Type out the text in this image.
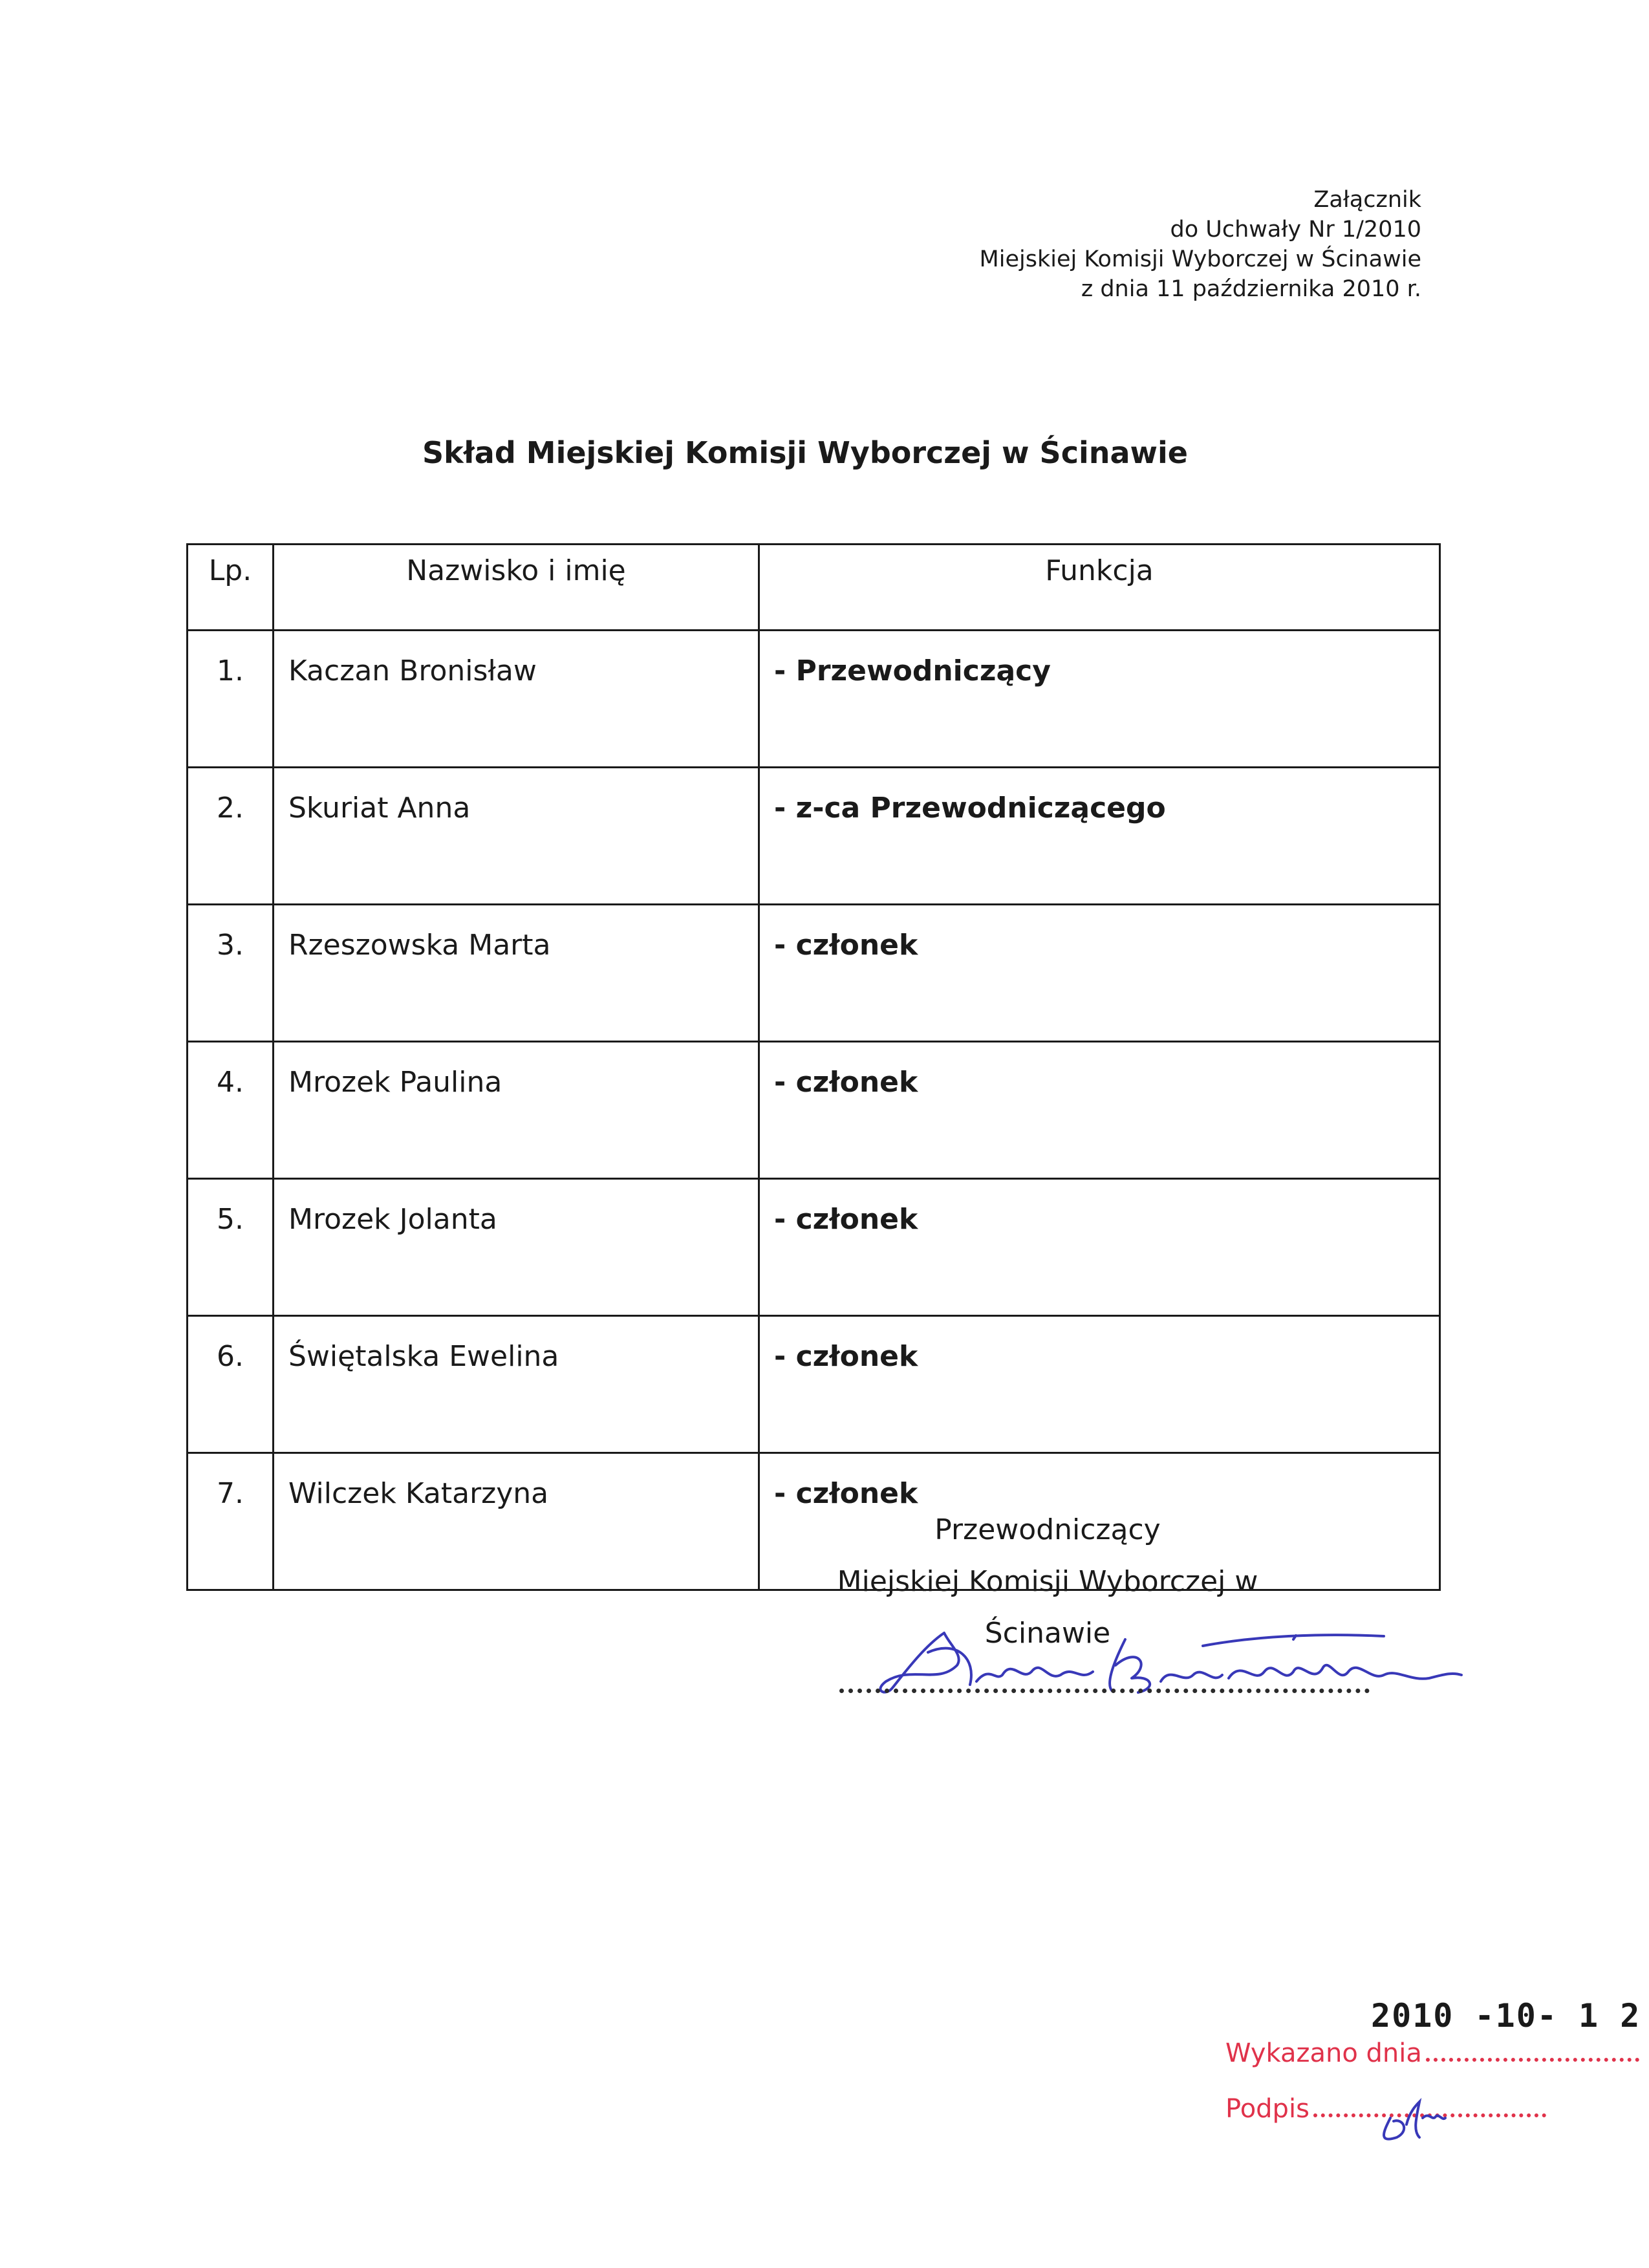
Załącznik
do Uchwały Nr 1/2010
Miejskiej Komisji Wyborczej w Ścinawie
z dnia 11 października 2010 r.
Skład Miejskiej Komisji Wyborczej w Ścinawie
Lp.	Nazwisko i imię	Funkcja
1.	Kaczan Bronisław	- Przewodniczący
2.	Skuriat Anna	- z-ca Przewodniczącego
3.	Rzeszowska Marta	- członek
4.	Mrozek Paulina	- członek
5.	Mrozek Jolanta	- członek
6.	Świętalska Ewelina	- członek
7.	Wilczek Katarzyna	- członek
Przewodniczący
Miejskiej Komisji Wyborczej w Ścinawie
2010 -10- 1 2
Wykazano dnia
Podpis
